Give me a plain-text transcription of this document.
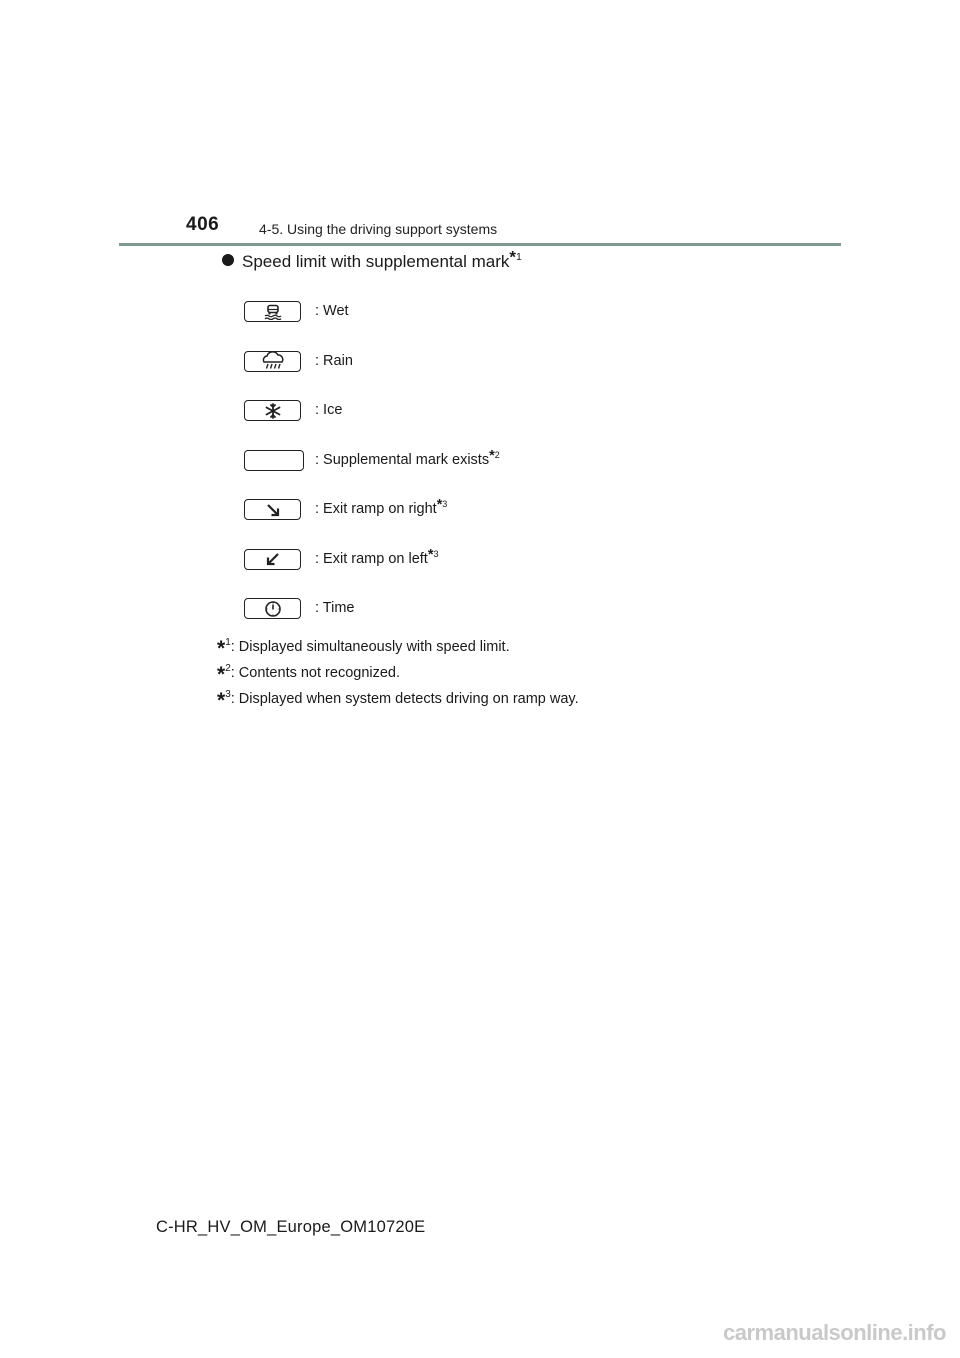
406	4-5. Using the driving support systems
Speed limit with supplemental mark$^{*1}$
: Wet
: Rain
: Ice
: Supplemental mark exists$^{*2}$
: Exit ramp on right$^{*3}$
: Exit ramp on left$^{*3}$
: Time
*$^1$: Displayed simultaneously with speed limit.
*$^2$: Contents not recognized.
*$^3$: Displayed when system detects driving on ramp way.
C-HR_HV_OM_Europe_OM10720E
carmanualsonline.info
